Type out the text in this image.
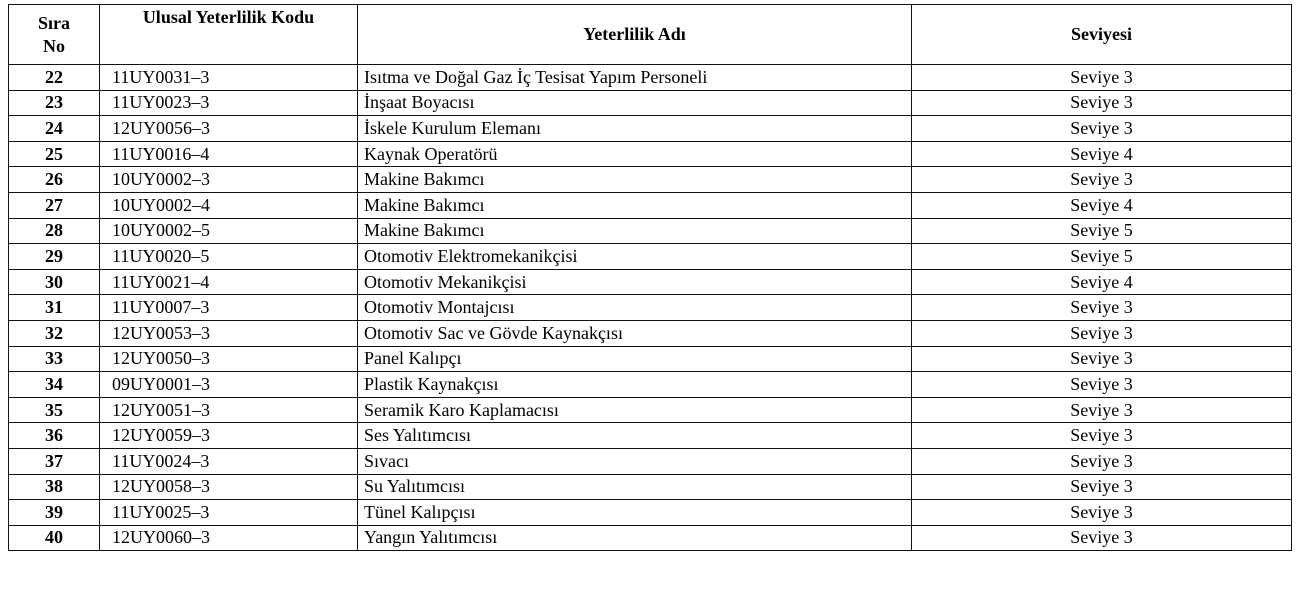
Sıra
No	Ulusal Yeterlilik Kodu	Yeterlilik Adı	Seviyesi
22	11UY0031–3	Isıtma ve Doğal Gaz İç Tesisat Yapım Personeli	Seviye 3
23	11UY0023–3	İnşaat Boyacısı	Seviye 3
24	12UY0056–3	İskele Kurulum Elemanı	Seviye 3
25	11UY0016–4	Kaynak Operatörü	Seviye 4
26	10UY0002–3	Makine Bakımcı	Seviye 3
27	10UY0002–4	Makine Bakımcı	Seviye 4
28	10UY0002–5	Makine Bakımcı	Seviye 5
29	11UY0020–5	Otomotiv Elektromekanikçisi	Seviye 5
30	11UY0021–4	Otomotiv Mekanikçisi	Seviye 4
31	11UY0007–3	Otomotiv Montajcısı	Seviye 3
32	12UY0053–3	Otomotiv Sac ve Gövde Kaynakçısı	Seviye 3
33	12UY0050–3	Panel Kalıpçı	Seviye 3
34	09UY0001–3	Plastik Kaynakçısı	Seviye 3
35	12UY0051–3	Seramik Karo Kaplamacısı	Seviye 3
36	12UY0059–3	Ses Yalıtımcısı	Seviye 3
37	11UY0024–3	Sıvacı	Seviye 3
38	12UY0058–3	Su Yalıtımcısı	Seviye 3
39	11UY0025–3	Tünel Kalıpçısı	Seviye 3
40	12UY0060–3	Yangın Yalıtımcısı	Seviye 3
